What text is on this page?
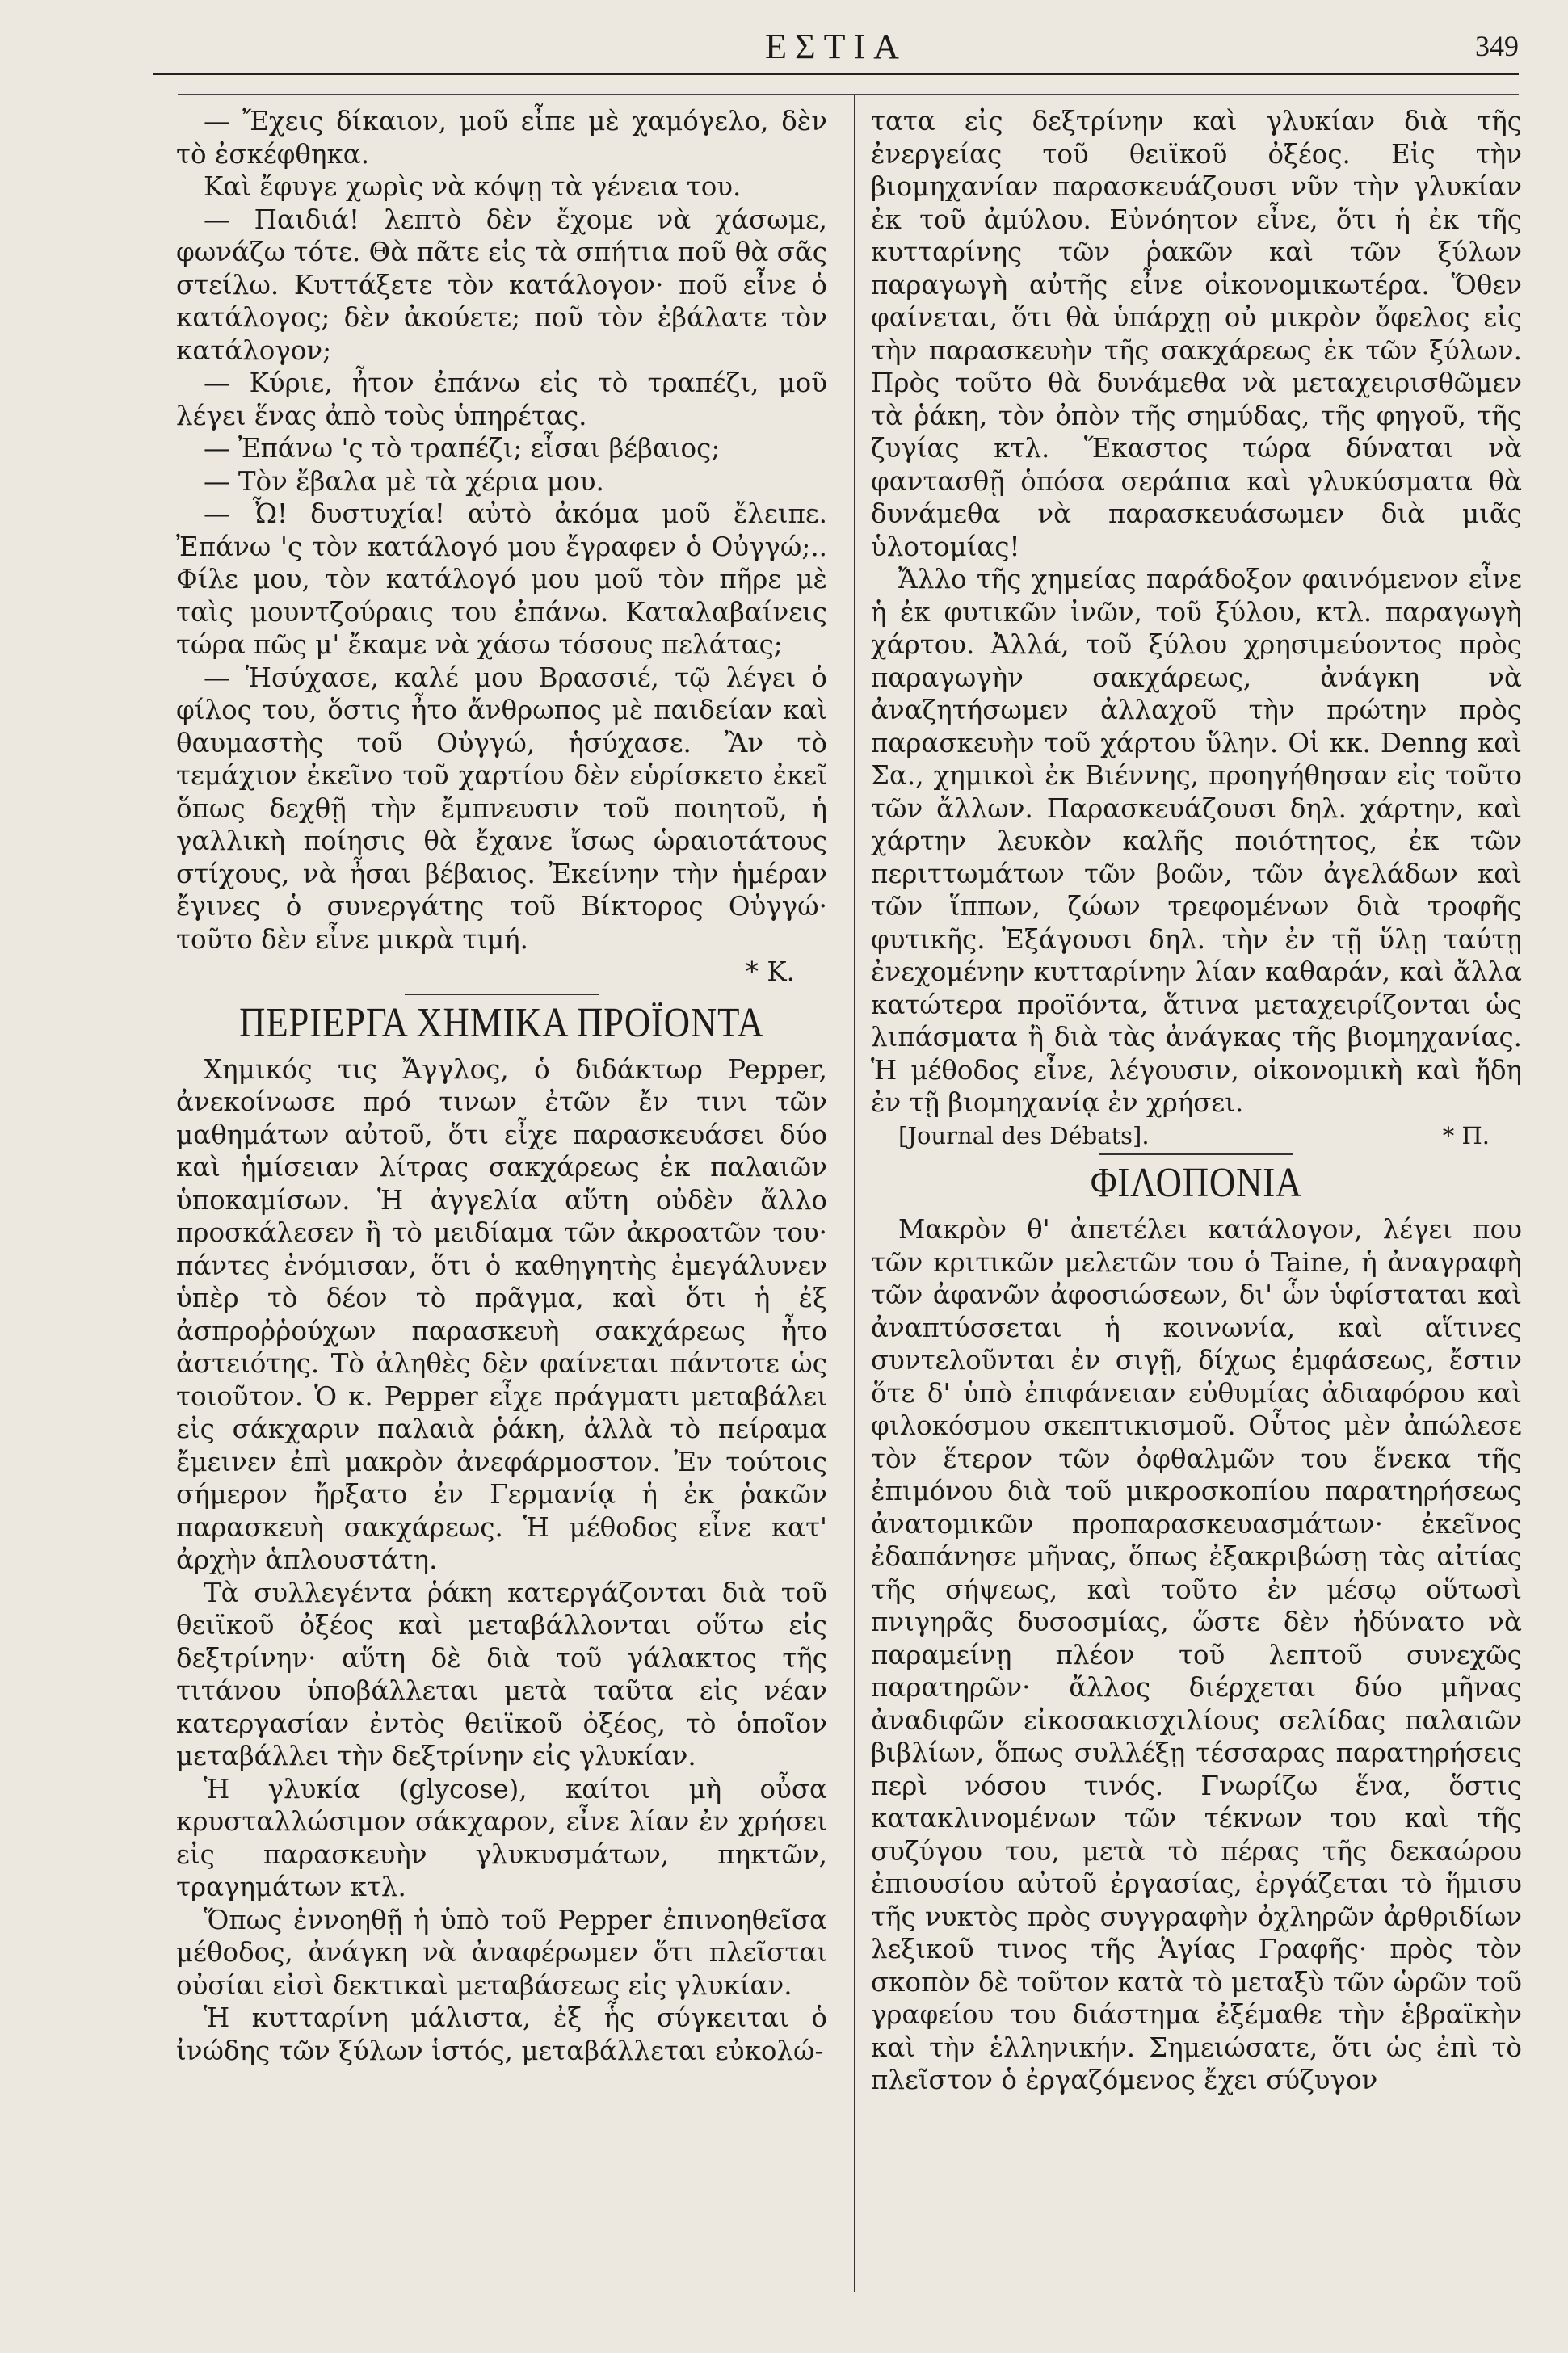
ΕΣΤΙΑ	349

— Ἔχεις δίκαιον, μοῦ εἶπε μὲ χαμόγελο, δὲν τὸ ἐσκέφθηκα.

Καὶ ἔφυγε χωρὶς νὰ κόψῃ τὰ γένεια του.

— Παιδιά! λεπτὸ δὲν ἔχομε νὰ χάσωμε, φωνάζω τότε. Θὰ πᾶτε εἰς τὰ σπήτια ποῦ θὰ σᾶς στείλω. Κυττάξετε τὸν κατάλογον· ποῦ εἶνε ὁ κατάλογος; δὲν ἀκούετε; ποῦ τὸν ἐβάλατε τὸν κατάλογον;

— Κύριε, ἦτον ἐπάνω εἰς τὸ τραπέζι, μοῦ λέγει ἕνας ἀπὸ τοὺς ὑπηρέτας.

— Ἐπάνω 'ς τὸ τραπέζι; εἶσαι βέβαιος;

— Τὸν ἔβαλα μὲ τὰ χέρια μου.

— Ὦ! δυστυχία! αὐτὸ ἀκόμα μοῦ ἔλειπε. Ἐπάνω 'ς τὸν κατάλογό μου ἔγραφεν ὁ Οὐγγώ;.. Φίλε μου, τὸν κατάλογό μου μοῦ τὸν πῆρε μὲ ταὶς μουντζούραις του ἐπάνω. Καταλαβαίνεις τώρα πῶς μ' ἔκαμε νὰ χάσω τόσους πελάτας;

— Ἡσύχασε, καλέ μου Βρασσιέ, τῷ λέγει ὁ φίλος του, ὅστις ἦτο ἄνθρωπος μὲ παιδείαν καὶ θαυμαστὴς τοῦ Οὐγγώ, ἡσύχασε. Ἂν τὸ τεμάχιον ἐκεῖνο τοῦ χαρτίου δὲν εὑρίσκετο ἐκεῖ ὅπως δεχθῇ τὴν ἔμπνευσιν τοῦ ποιητοῦ, ἡ γαλλικὴ ποίησις θὰ ἔχανε ἴσως ὡραιοτάτους στίχους, νὰ ἦσαι βέβαιος. Ἐκείνην τὴν ἡμέραν ἔγινες ὁ συνεργάτης τοῦ Βίκτορος Οὐγγώ· τοῦτο δὲν εἶνε μικρὰ τιμή.

* Κ.

ΠΕΡΙΕΡΓΑ ΧΗΜΙΚΑ ΠΡΟΪΟΝΤΑ

Χημικός τις Ἄγγλος, ὁ διδάκτωρ Pepper, ἀνεκοίνωσε πρό τινων ἐτῶν ἔν τινι τῶν μαθημάτων αὐτοῦ, ὅτι εἶχε παρασκευάσει δύο καὶ ἡμίσειαν λίτρας σακχάρεως ἐκ παλαιῶν ὑποκαμίσων. Ἡ ἀγγελία αὕτη οὐδὲν ἄλλο προσκάλεσεν ἢ τὸ μειδίαμα τῶν ἀκροατῶν του· πάντες ἐνόμισαν, ὅτι ὁ καθηγητὴς ἐμεγάλυνεν ὑπὲρ τὸ δέον τὸ πρᾶγμα, καὶ ὅτι ἡ ἐξ ἀσπροῤῥούχων παρασκευὴ σακχάρεως ἦτο ἀστειότης. Τὸ ἀληθὲς δὲν φαίνεται πάντοτε ὡς τοιοῦτον. Ὁ κ. Pepper εἶχε πράγματι μεταβάλει εἰς σάκχαριν παλαιὰ ῥάκη, ἀλλὰ τὸ πείραμα ἔμεινεν ἐπὶ μακρὸν ἀνεφάρμοστον. Ἐν τούτοις σήμερον ἤρξατο ἐν Γερμανίᾳ ἡ ἐκ ῥακῶν παρασκευὴ σακχάρεως. Ἡ μέθοδος εἶνε κατ' ἀρχὴν ἁπλουστάτη.

Τὰ συλλεγέντα ῥάκη κατεργάζονται διὰ τοῦ θειϊκοῦ ὀξέος καὶ μεταβάλλονται οὕτω εἰς δεξτρίνην· αὕτη δὲ διὰ τοῦ γάλακτος τῆς τιτάνου ὑποβάλλεται μετὰ ταῦτα εἰς νέαν κατεργασίαν ἐντὸς θειϊκοῦ ὀξέος, τὸ ὁποῖον μεταβάλλει τὴν δεξτρίνην εἰς γλυκίαν.

Ἡ γλυκία (glycose), καίτοι μὴ οὖσα κρυσταλλώσιμον σάκχαρον, εἶνε λίαν ἐν χρήσει εἰς παρασκευὴν γλυκυσμάτων, πηκτῶν, τραγημάτων κτλ.

Ὅπως ἐννοηθῇ ἡ ὑπὸ τοῦ Pepper ἐπινοηθεῖσα μέθοδος, ἀνάγκη νὰ ἀναφέρωμεν ὅτι πλεῖσται οὐσίαι εἰσὶ δεκτικαὶ μεταβάσεως εἰς γλυκίαν.

Ἡ κυτταρίνη μάλιστα, ἐξ ἧς σύγκειται ὁ ἰνώδης τῶν ξύλων ἱστός, μεταβάλλεται εὐκολώ-

τατα εἰς δεξτρίνην καὶ γλυκίαν διὰ τῆς ἐνεργείας τοῦ θειϊκοῦ ὀξέος. Εἰς τὴν βιομηχανίαν παρασκευάζουσι νῦν τὴν γλυκίαν ἐκ τοῦ ἀμύλου. Εὐνόητον εἶνε, ὅτι ἡ ἐκ τῆς κυτταρίνης τῶν ῥακῶν καὶ τῶν ξύλων παραγωγὴ αὐτῆς εἶνε οἰκονομικωτέρα. Ὅθεν φαίνεται, ὅτι θὰ ὑπάρχῃ οὐ μικρὸν ὄφελος εἰς τὴν παρασκευὴν τῆς σακχάρεως ἐκ τῶν ξύλων. Πρὸς τοῦτο θὰ δυνάμεθα νὰ μεταχειρισθῶμεν τὰ ῥάκη, τὸν ὀπὸν τῆς σημύδας, τῆς φηγοῦ, τῆς ζυγίας κτλ. Ἕκαστος τώρα δύναται νὰ φαντασθῇ ὁπόσα σεράπια καὶ γλυκύσματα θὰ δυνάμεθα νὰ παρασκευάσωμεν διὰ μιᾶς ὑλοτομίας!

Ἄλλο τῆς χημείας παράδοξον φαινόμενον εἶνε ἡ ἐκ φυτικῶν ἰνῶν, τοῦ ξύλου, κτλ. παραγωγὴ χάρτου. Ἀλλά, τοῦ ξύλου χρησιμεύοντος πρὸς παραγωγὴν σακχάρεως, ἀνάγκη νὰ ἀναζητήσωμεν ἀλλαχοῦ τὴν πρώτην πρὸς παρασκευὴν τοῦ χάρτου ὕλην. Οἱ κκ. Denng καὶ Σα., χημικοὶ ἐκ Βιέννης, προηγήθησαν εἰς τοῦτο τῶν ἄλλων. Παρασκευάζουσι δηλ. χάρτην, καὶ χάρτην λευκὸν καλῆς ποιότητος, ἐκ τῶν περιττωμάτων τῶν βοῶν, τῶν ἀγελάδων καὶ τῶν ἵππων, ζώων τρεφομένων διὰ τροφῆς φυτικῆς. Ἐξάγουσι δηλ. τὴν ἐν τῇ ὕλῃ ταύτῃ ἐνεχομένην κυτταρίνην λίαν καθαράν, καὶ ἄλλα κατώτερα προϊόντα, ἅτινα μεταχειρίζονται ὡς λιπάσματα ἢ διὰ τὰς ἀνάγκας τῆς βιομηχανίας. Ἡ μέθοδος εἶνε, λέγουσιν, οἰκονομικὴ καὶ ἤδη ἐν τῇ βιομηχανίᾳ ἐν χρήσει.

[Journal des Débats].	* Π.

ΦΙΛΟΠΟΝΙΑ

Μακρὸν θ' ἀπετέλει κατάλογον, λέγει που τῶν κριτικῶν μελετῶν του ὁ Taine, ἡ ἀναγραφὴ τῶν ἀφανῶν ἀφοσιώσεων, δι' ὧν ὑφίσταται καὶ ἀναπτύσσεται ἡ κοινωνία, καὶ αἵτινες συντελοῦνται ἐν σιγῇ, δίχως ἐμφάσεως, ἔστιν ὅτε δ' ὑπὸ ἐπιφάνειαν εὐθυμίας ἀδιαφόρου καὶ φιλοκόσμου σκεπτικισμοῦ. Οὗτος μὲν ἀπώλεσε τὸν ἕτερον τῶν ὀφθαλμῶν του ἕνεκα τῆς ἐπιμόνου διὰ τοῦ μικροσκοπίου παρατηρήσεως ἀνατομικῶν προπαρασκευασμάτων· ἐκεῖνος ἐδαπάνησε μῆνας, ὅπως ἐξακριβώσῃ τὰς αἰτίας τῆς σήψεως, καὶ τοῦτο ἐν μέσῳ οὕτωσὶ πνιγηρᾶς δυσοσμίας, ὥστε δὲν ἠδύνατο νὰ παραμείνῃ πλέον τοῦ λεπτοῦ συνεχῶς παρατηρῶν· ἄλλος διέρχεται δύο μῆνας ἀναδιφῶν εἰκοσακισχιλίους σελίδας παλαιῶν βιβλίων, ὅπως συλλέξῃ τέσσαρας παρατηρήσεις περὶ νόσου τινός. Γνωρίζω ἕνα, ὅστις κατακλινομένων τῶν τέκνων του καὶ τῆς συζύγου του, μετὰ τὸ πέρας τῆς δεκαώρου ἐπιουσίου αὐτοῦ ἐργασίας, ἐργάζεται τὸ ἥμισυ τῆς νυκτὸς πρὸς συγγραφὴν ὀχληρῶν ἀρθριδίων λεξικοῦ τινος τῆς Ἁγίας Γραφῆς· πρὸς τὸν σκοπὸν δὲ τοῦτον κατὰ τὸ μεταξὺ τῶν ὡρῶν τοῦ γραφείου του διάστημα ἐξέμαθε τὴν ἑβραϊκὴν καὶ τὴν ἑλληνικήν. Σημειώσατε, ὅτι ὡς ἐπὶ τὸ πλεῖστον ὁ ἐργαζόμενος ἔχει σύζυγον
